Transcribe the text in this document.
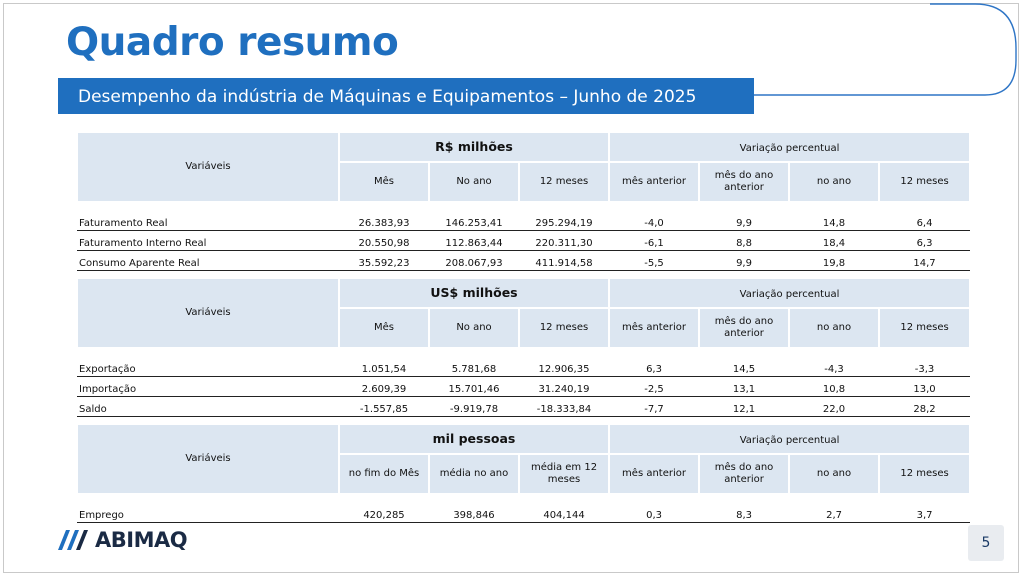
Quadro resumo
Desempenho da indústria de Máquinas e Equipamentos – Junho de 2025
Variáveis	R$ milhões			Variação percentual			
	Mês	No ano	12 meses	mês anterior	mês do ano anterior	no ano	12 meses

Faturamento Real	26.383,93	146.253,41	295.294,19	-4,0	9,9	14,8	6,4
Faturamento Interno Real	20.550,98	112.863,44	220.311,30	-6,1	8,8	18,4	6,3
Consumo Aparente Real	35.592,23	208.067,93	411.914,58	-5,5	9,9	19,8	14,7
Variáveis	US$ milhões			Variação percentual			
	Mês	No ano	12 meses	mês anterior	mês do ano anterior	no ano	12 meses

Exportação	1.051,54	5.781,68	12.906,35	6,3	14,5	-4,3	-3,3
Importação	2.609,39	15.701,46	31.240,19	-2,5	13,1	10,8	13,0
Saldo	-1.557,85	-9.919,78	-18.333,84	-7,7	12,1	22,0	28,2
Variáveis	mil pessoas			Variação percentual			
	no fim do Mês	média no ano	média em 12 meses	mês anterior	mês do ano anterior	no ano	12 meses

Emprego	420,285	398,846	404,144	0,3	8,3	2,7	3,7
ABIMAQ	5
